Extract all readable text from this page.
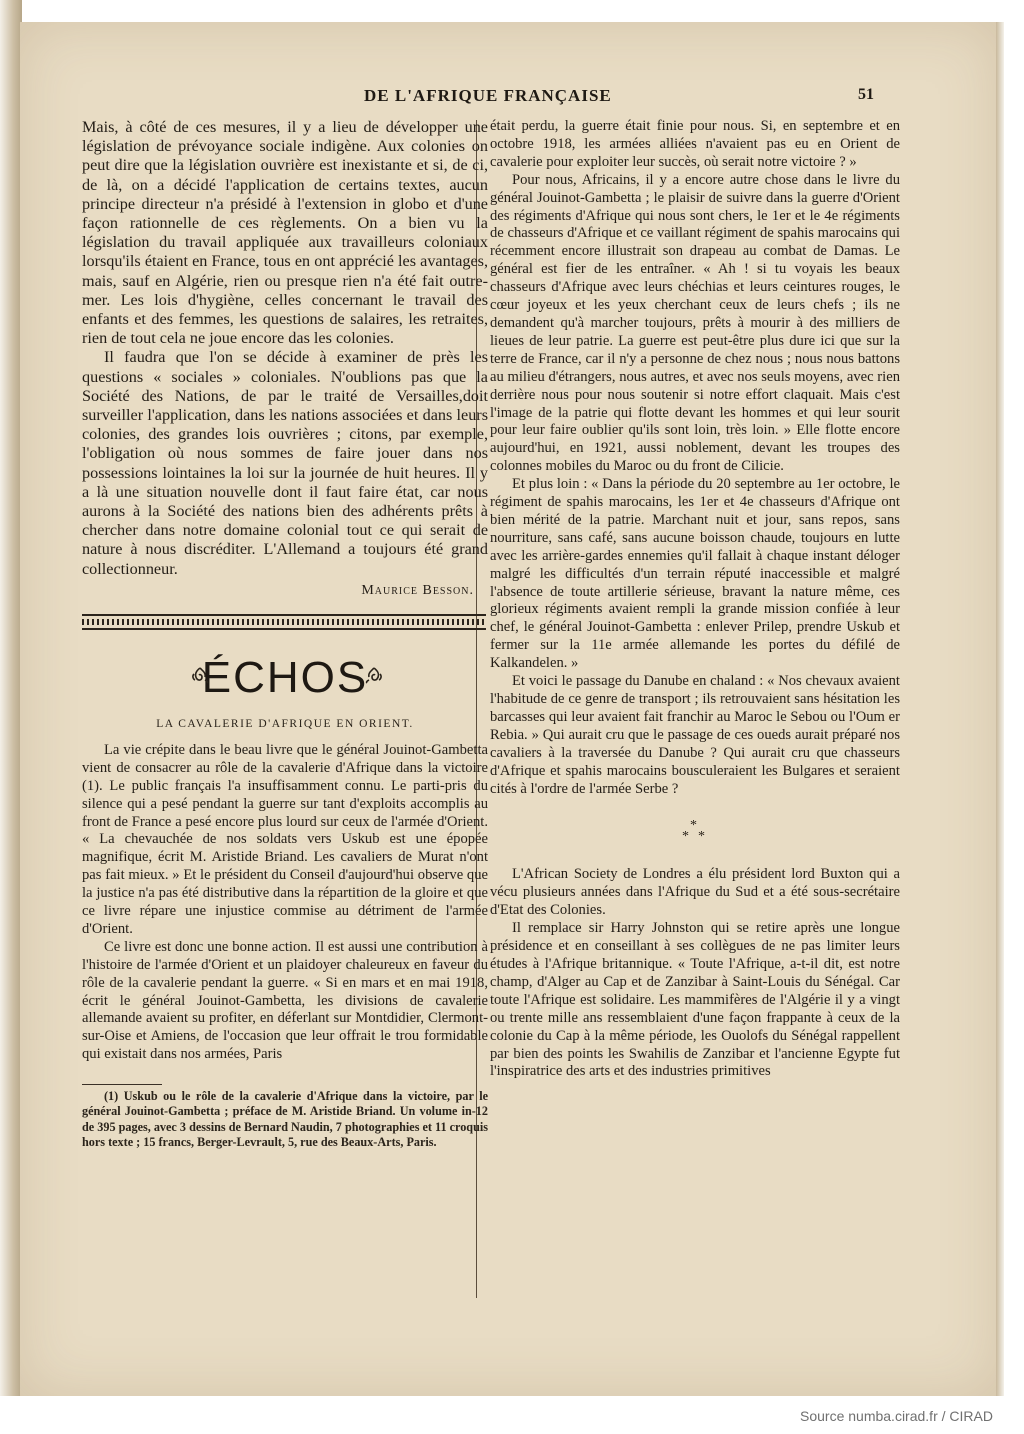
DE L'AFRIQUE FRANÇAISE	51

Mais, à côté de ces mesures, il y a lieu de développer une législation de prévoyance sociale indigène. Aux colonies on peut dire que la législation ouvrière est inexistante et si, de ci, de là, on a décidé l'application de certains textes, aucun principe directeur n'a présidé à l'extension in globo et d'une façon rationnelle de ces règlements. On a bien vu la législation du travail appliquée aux travailleurs coloniaux lorsqu'ils étaient en France, tous en ont apprécié les avantages, mais, sauf en Algérie, rien ou presque rien n'a été fait outre-mer. Les lois d'hygiène, celles concernant le travail des enfants et des femmes, les questions de salaires, les retraites, rien de tout cela ne joue encore das les colonies.

Il faudra que l'on se décide à examiner de près les questions « sociales » coloniales. N'oublions pas que la Société des Nations, de par le traité de Versailles,doit surveiller l'application, dans les nations associées et dans leurs colonies, des grandes lois ouvrières ; citons, par exemple, l'obligation où nous sommes de faire jouer dans nos possessions lointaines la loi sur la journée de huit heures. Il y a là une situation nouvelle dont il faut faire état, car nous aurons à la Société des nations bien des adhérents prêts à chercher dans notre domaine colonial tout ce qui serait de nature à nous discréditer. L'Allemand a toujours été grand collectionneur.

Maurice Besson.
ÉCHOS
LA CAVALERIE D'AFRIQUE EN ORIENT.

La vie crépite dans le beau livre que le général Jouinot-Gambetta vient de consacrer au rôle de la cavalerie d'Afrique dans la victoire (1). Le public français l'a insuffisamment connu. Le parti-pris du silence qui a pesé pendant la guerre sur tant d'exploits accomplis au front de France a pesé encore plus lourd sur ceux de l'armée d'Orient. « La chevauchée de nos soldats vers Uskub est une épopée magnifique, écrit M. Aristide Briand. Les cavaliers de Murat n'ont pas fait mieux. » Et le président du Conseil d'aujourd'hui observe que la justice n'a pas été distributive dans la répartition de la gloire et que ce livre répare une injustice commise au détriment de l'armée d'Orient.

Ce livre est donc une bonne action. Il est aussi une contribution à l'histoire de l'armée d'Orient et un plaidoyer chaleureux en faveur du rôle de la cavalerie pendant la guerre. « Si en mars et en mai 1918, écrit le général Jouinot-Gambetta, les divisions de cavalerie allemande avaient su profiter, en déferlant sur Montdidier, Clermont-sur-Oise et Amiens, de l'occasion que leur offrait le trou formidable qui existait dans nos armées, Paris

(1) Uskub ou le rôle de la cavalerie d'Afrique dans la victoire, par le général Jouinot-Gambetta ; préface de M. Aristide Briand. Un volume in-12 de 395 pages, avec 3 dessins de Bernard Naudin, 7 photographies et 11 croquis hors texte ; 15 francs, Berger-Levrault, 5, rue des Beaux-Arts, Paris.

était perdu, la guerre était finie pour nous. Si, en septembre et en octobre 1918, les armées alliées n'avaient pas eu en Orient de cavalerie pour exploiter leur succès, où serait notre victoire ? »

Pour nous, Africains, il y a encore autre chose dans le livre du général Jouinot-Gambetta ; le plaisir de suivre dans la guerre d'Orient des régiments d'Afrique qui nous sont chers, le 1er et le 4e régiments de chasseurs d'Afrique et ce vaillant régiment de spahis marocains qui récemment encore illustrait son drapeau au combat de Damas. Le général est fier de les entraîner. « Ah ! si tu voyais les beaux chasseurs d'Afrique avec leurs chéchias et leurs ceintures rouges, le cœur joyeux et les yeux cherchant ceux de leurs chefs ; ils ne demandent qu'à marcher toujours, prêts à mourir à des milliers de lieues de leur patrie. La guerre est peut-être plus dure ici que sur la terre de France, car il n'y a personne de chez nous ; nous nous battons au milieu d'étrangers, nous autres, et avec nos seuls moyens, avec rien derrière nous pour nous soutenir si notre effort claquait. Mais c'est l'image de la patrie qui flotte devant les hommes et qui leur sourit pour leur faire oublier qu'ils sont loin, très loin. » Elle flotte encore aujourd'hui, en 1921, aussi noblement, devant les troupes des colonnes mobiles du Maroc ou du front de Cilicie.

Et plus loin : « Dans la période du 20 septembre au 1er octobre, le régiment de spahis marocains, les 1er et 4e chasseurs d'Afrique ont bien mérité de la patrie. Marchant nuit et jour, sans repos, sans nourriture, sans café, sans aucune boisson chaude, toujours en lutte avec les arrière-gardes ennemies qu'il fallait à chaque instant déloger malgré les difficultés d'un terrain réputé inaccessible et malgré l'absence de toute artillerie sérieuse, bravant la nature même, ces glorieux régiments avaient rempli la grande mission confiée à leur chef, le général Jouinot-Gambetta : enlever Prilep, prendre Uskub et fermer sur la 11e armée allemande les portes du défilé de Kalkandelen. »

Et voici le passage du Danube en chaland : « Nos chevaux avaient l'habitude de ce genre de transport ; ils retrouvaient sans hésitation les barcasses qui leur avaient fait franchir au Maroc le Sebou ou l'Oum er Rebia. » Qui aurait cru que le passage de ces oueds aurait préparé nos cavaliers à la traversée du Danube ? Qui aurait cru que chasseurs d'Afrique et spahis marocains bousculeraient les Bulgares et seraient cités à l'ordre de l'armée Serbe ?

*
* *

L'African Society de Londres a élu président lord Buxton qui a vécu plusieurs années dans l'Afrique du Sud et a été sous-secrétaire d'Etat des Colonies.

Il remplace sir Harry Johnston qui se retire après une longue présidence et en conseillant à ses collègues de ne pas limiter leurs études à l'Afrique britannique. « Toute l'Afrique, a-t-il dit, est notre champ, d'Alger au Cap et de Zanzibar à Saint-Louis du Sénégal. Car toute l'Afrique est solidaire. Les mammifères de l'Algérie il y a vingt ou trente mille ans ressemblaient d'une façon frappante à ceux de la colonie du Cap à la même période, les Ouolofs du Sénégal rappellent par bien des points les Swahilis de Zanzibar et l'ancienne Egypte fut l'inspiratrice des arts et des industries primitives

Source numba.cirad.fr / CIRAD
